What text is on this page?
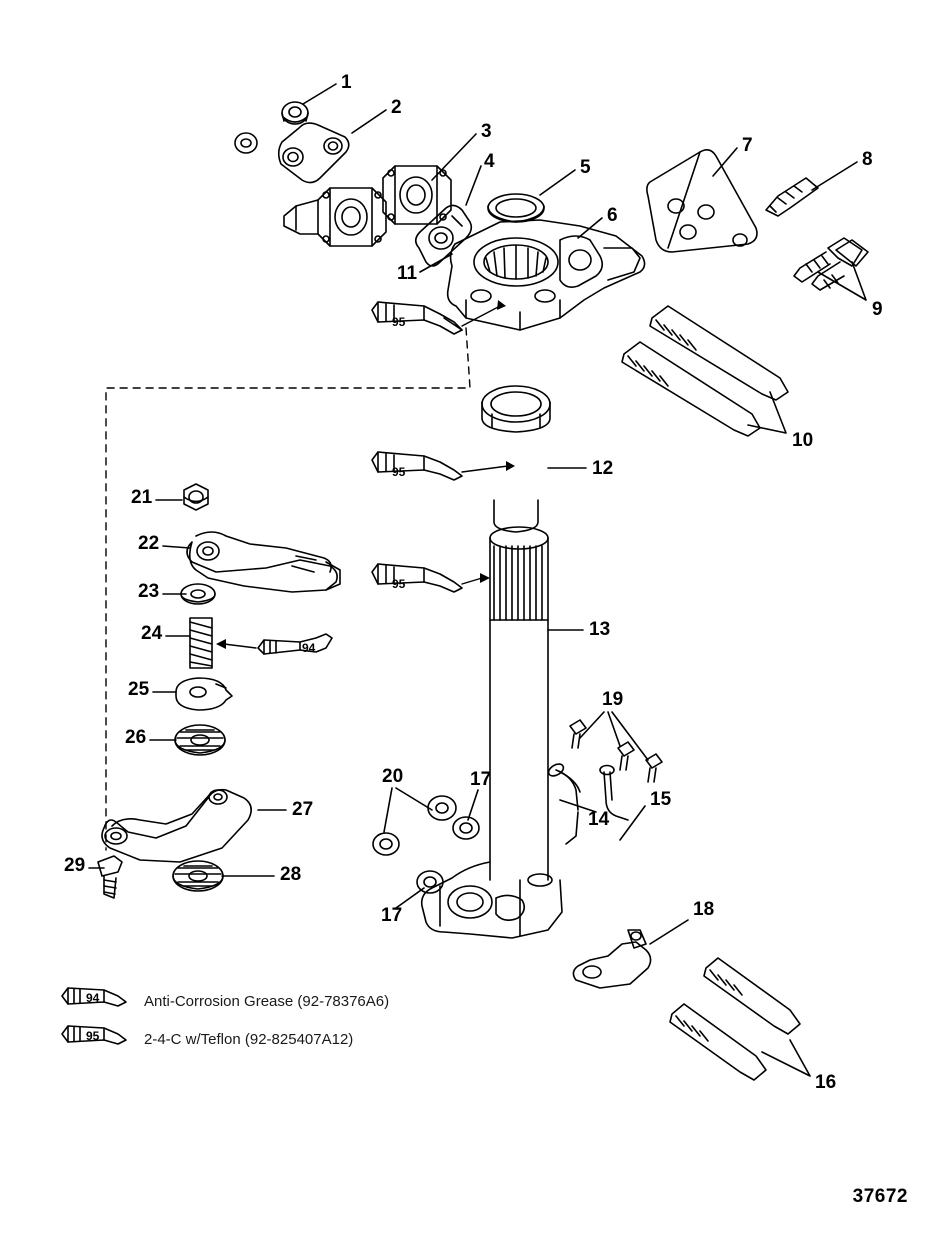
95
95
95
94
94
95
1
2
3
4	5
6
7
8
9
10
11
12
13
14
15
16
17
17	18
19
20
21
22
23
24
25
26
27
28
29
Anti-Corrosion Grease (92-78376A6)
2-4-C w/Teflon (92-825407A12)
37672
